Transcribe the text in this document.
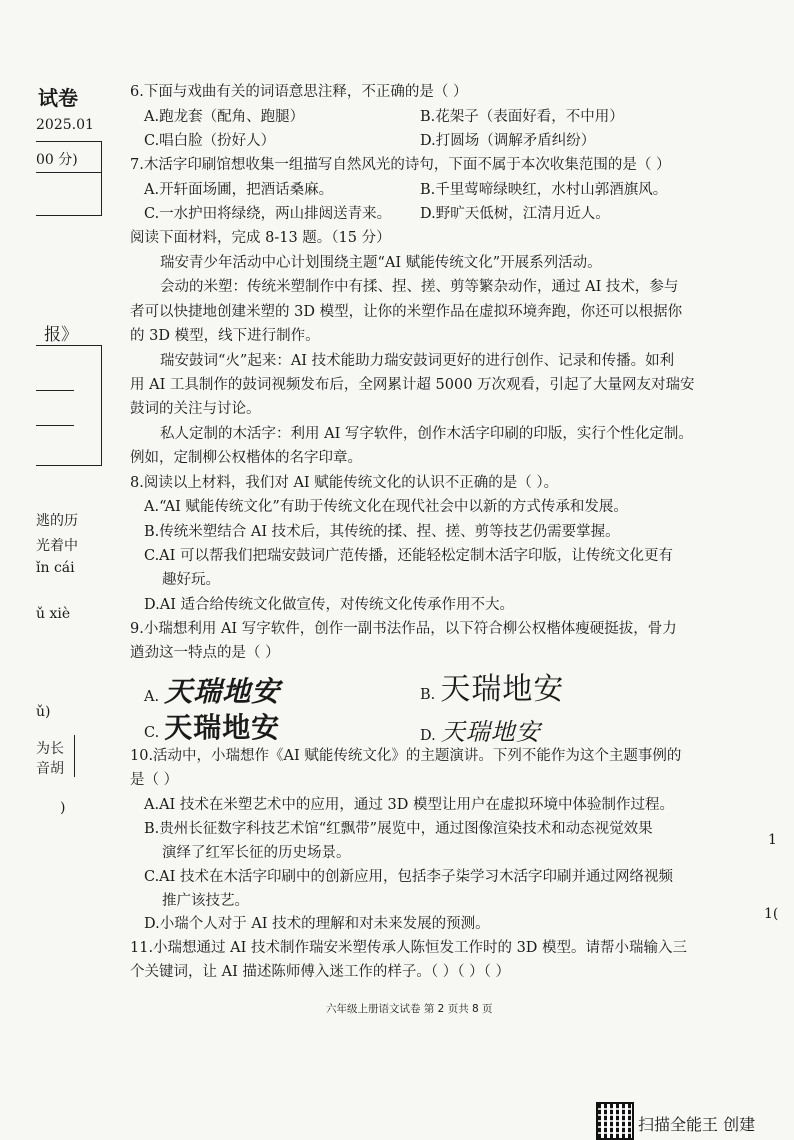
试卷
2025.01
00 分)
报》
逃的历
光着中
ǐn cái
ǔ xiè
ǔ)
为长
音胡
)
1
1(
6.下面与戏曲有关的词语意思注释，不正确的是（ ）
A.跑龙套（配角、跑腿）	B.花架子（表面好看，不中用）
C.唱白脸（扮好人）	D.打圆场（调解矛盾纠纷）
7.木活字印刷馆想收集一组描写自然风光的诗句，下面不属于本次收集范围的是（ ）
A.开轩面场圃，把酒话桑麻。	B.千里莺啼绿映红，水村山郭酒旗风。
C.一水护田将绿绕，两山排闼送青来。 D.野旷天低树，江清月近人。
阅读下面材料，完成 8-13 题。（15 分）
瑞安青少年活动中心计划围绕主题“AI 赋能传统文化”开展系列活动。
会动的米塑：传统米塑制作中有揉、捏、搓、剪等繁杂动作，通过 AI 技术，参与
者可以快捷地创建米塑的 3D 模型，让你的米塑作品在虚拟环境奔跑，你还可以根据你
的 3D 模型，线下进行制作。
瑞安鼓词“火”起来：AI 技术能助力瑞安鼓词更好的进行创作、记录和传播。如利
用 AI 工具制作的鼓词视频发布后，全网累计超 5000 万次观看，引起了大量网友对瑞安
鼓词的关注与讨论。
私人定制的木活字：利用 AI 写字软件，创作木活字印刷的印版，实行个性化定制。
例如，定制柳公权楷体的名字印章。
8.阅读以上材料，我们对 AI 赋能传统文化的认识不正确的是（ ）。
A.“AI 赋能传统文化”有助于传统文化在现代社会中以新的方式传承和发展。
B.传统米塑结合 AI 技术后，其传统的揉、捏、搓、剪等技艺仍需要掌握。
C.AI 可以帮我们把瑞安鼓词广范传播，还能轻松定制木活字印版，让传统文化更有
趣好玩。
D.AI 适合给传统文化做宣传，对传统文化传承作用不大。
9.小瑞想利用 AI 写字软件，创作一副书法作品，以下符合柳公权楷体瘦硬挺拔，骨力
遒劲这一特点的是（ ）
A. 天瑞地安	B. 天瑞地安
C. 天瑞地安	D. 天瑞地安
10.活动中，小瑞想作《AI 赋能传统文化》的主题演讲。下列不能作为这个主题事例的
是（ ）
A.AI 技术在米塑艺术中的应用，通过 3D 模型让用户在虚拟环境中体验制作过程。
B.贵州长征数字科技艺术馆“红飘带”展览中，通过图像渲染技术和动态视觉效果
演绎了红军长征的历史场景。
C.AI 技术在木活字印刷中的创新应用，包括李子柒学习木活字印刷并通过网络视频
推广该技艺。
D.小瑞个人对于 AI 技术的理解和对未来发展的预测。
11.小瑞想通过 AI 技术制作瑞安米塑传承人陈恒发工作时的 3D 模型。请帮小瑞输入三
个关键词，让 AI 描述陈师傅入迷工作的样子。（ ）（ ）（ ）
六年级上册语文试卷 第 2 页共 8 页
扫描全能王 创建
